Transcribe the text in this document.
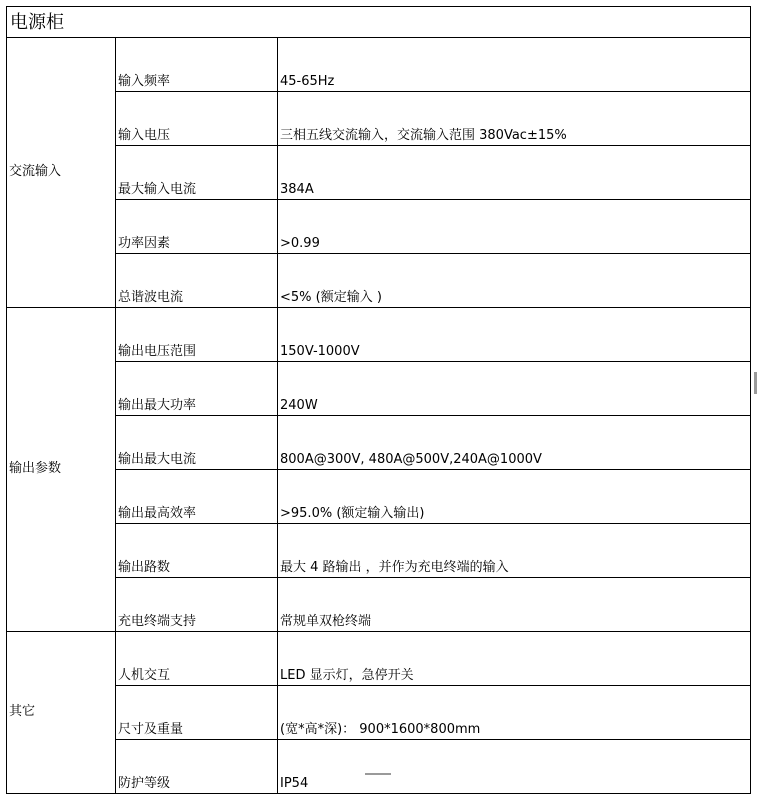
电源柜		
交流输入	输入频率	45-65Hz
	输入电压	三相五线交流输入，交流输入范围 380Vac±15%
	最大输入电流	384A
	功率因素	>0.99
	总谐波电流	<5% (额定输入 )
输出参数	输出电压范围	150V-1000V
	输出最大功率	240W
	输出最大电流	800A@300V, 480A@500V,240A@1000V
	输出最高效率	>95.0% (额定输入输出)
	输出路数	最大 4 路输出 ，并作为充电终端的输入
	充电终端支持	常规单双枪终端
其它	人机交互	LED 显示灯，急停开关
	尺寸及重量	(宽*高*深)： 900*1600*800mm
	防护等级	IP54
